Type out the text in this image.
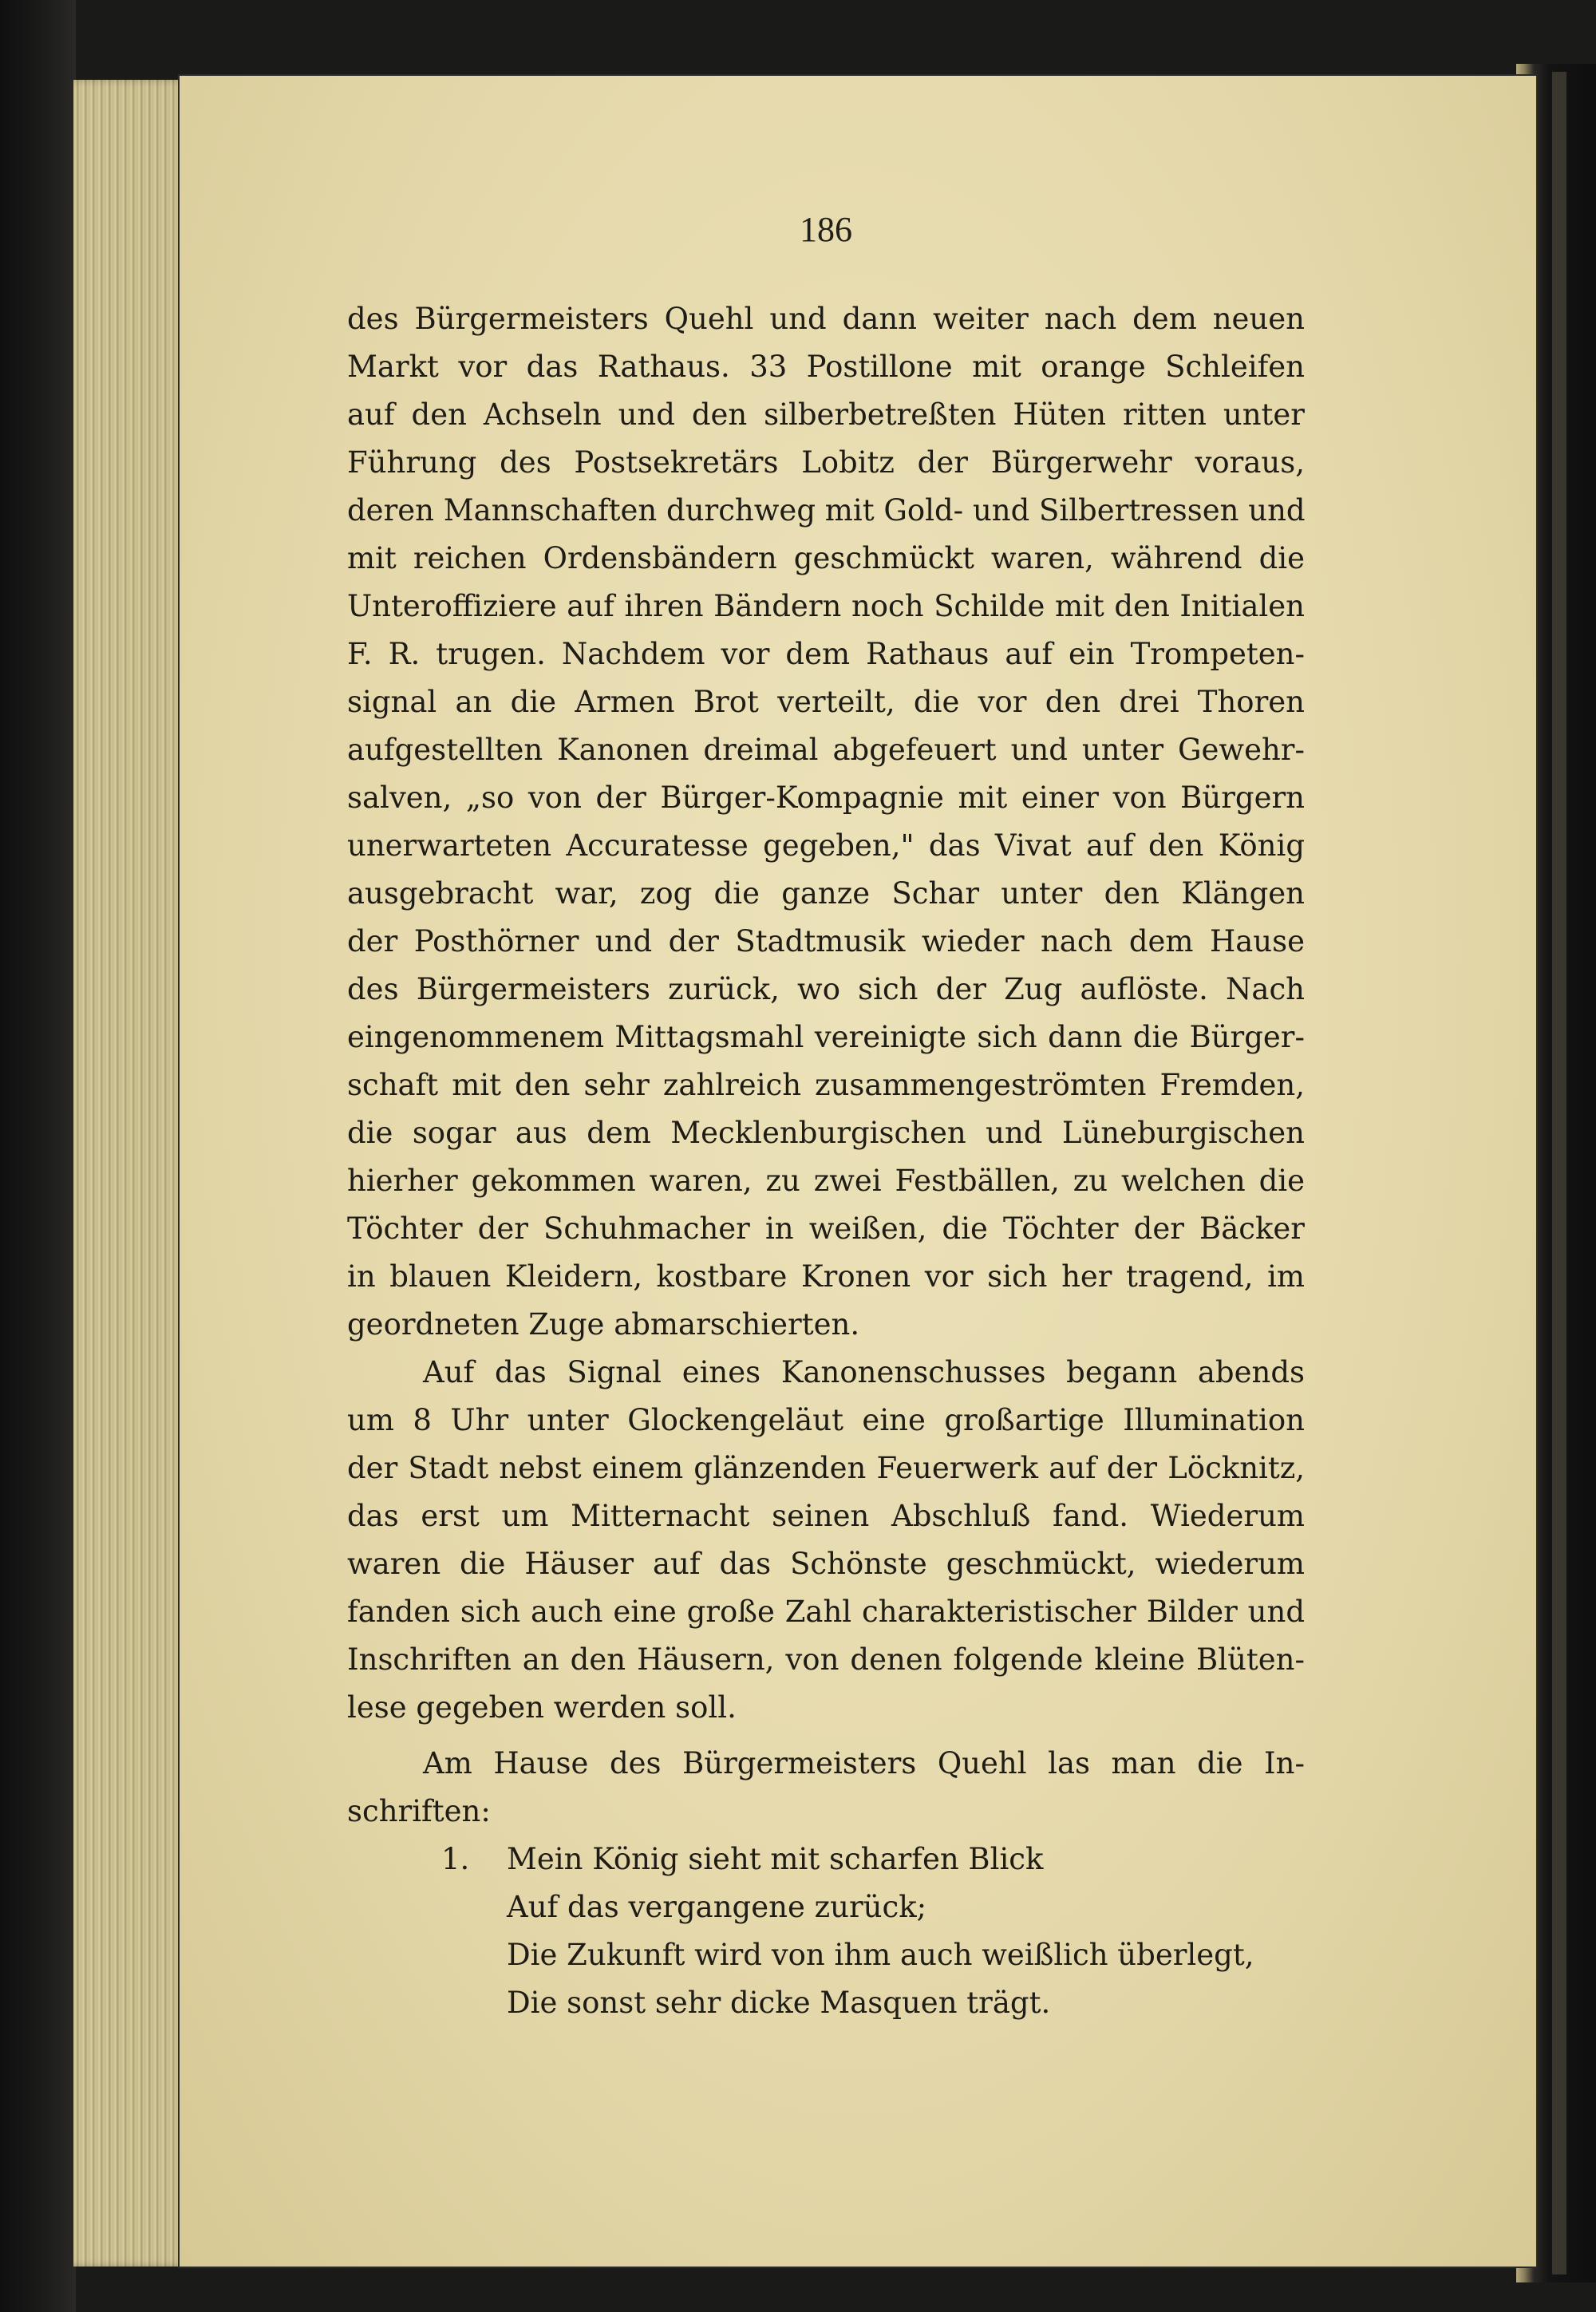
186
des Bürgermeisters Quehl und dann weiter nach dem neuen
Markt vor das Rathaus. 33 Postillone mit orange Schleifen
auf den Achseln und den silberbetreßten Hüten ritten unter
Führung des Postsekretärs Lobitz der Bürgerwehr voraus,
deren Mannschaften durchweg mit Gold- und Silbertressen und
mit reichen Ordensbändern geschmückt waren, während die
Unteroffiziere auf ihren Bändern noch Schilde mit den Initialen
F. R. trugen. Nachdem vor dem Rathaus auf ein Trompeten-
signal an die Armen Brot verteilt, die vor den drei Thoren
aufgestellten Kanonen dreimal abgefeuert und unter Gewehr-
salven, „so von der Bürger-Kompagnie mit einer von Bürgern
unerwarteten Accuratesse gegeben," das Vivat auf den König
ausgebracht war, zog die ganze Schar unter den Klängen
der Posthörner und der Stadtmusik wieder nach dem Hause
des Bürgermeisters zurück, wo sich der Zug auflöste. Nach
eingenommenem Mittagsmahl vereinigte sich dann die Bürger-
schaft mit den sehr zahlreich zusammengeströmten Fremden,
die sogar aus dem Mecklenburgischen und Lüneburgischen
hierher gekommen waren, zu zwei Festbällen, zu welchen die
Töchter der Schuhmacher in weißen, die Töchter der Bäcker
in blauen Kleidern, kostbare Kronen vor sich her tragend, im
geordneten Zuge abmarschierten.
Auf das Signal eines Kanonenschusses begann abends
um 8 Uhr unter Glockengeläut eine großartige Illumination
der Stadt nebst einem glänzenden Feuerwerk auf der Löcknitz,
das erst um Mitternacht seinen Abschluß fand. Wiederum
waren die Häuser auf das Schönste geschmückt, wiederum
fanden sich auch eine große Zahl charakteristischer Bilder und
Inschriften an den Häusern, von denen folgende kleine Blüten-
lese gegeben werden soll.
Am Hause des Bürgermeisters Quehl las man die In-
schriften:
1. Mein König sieht mit scharfen Blick
Auf das vergangene zurück;
Die Zukunft wird von ihm auch weißlich überlegt,
Die sonst sehr dicke Masquen trägt.
